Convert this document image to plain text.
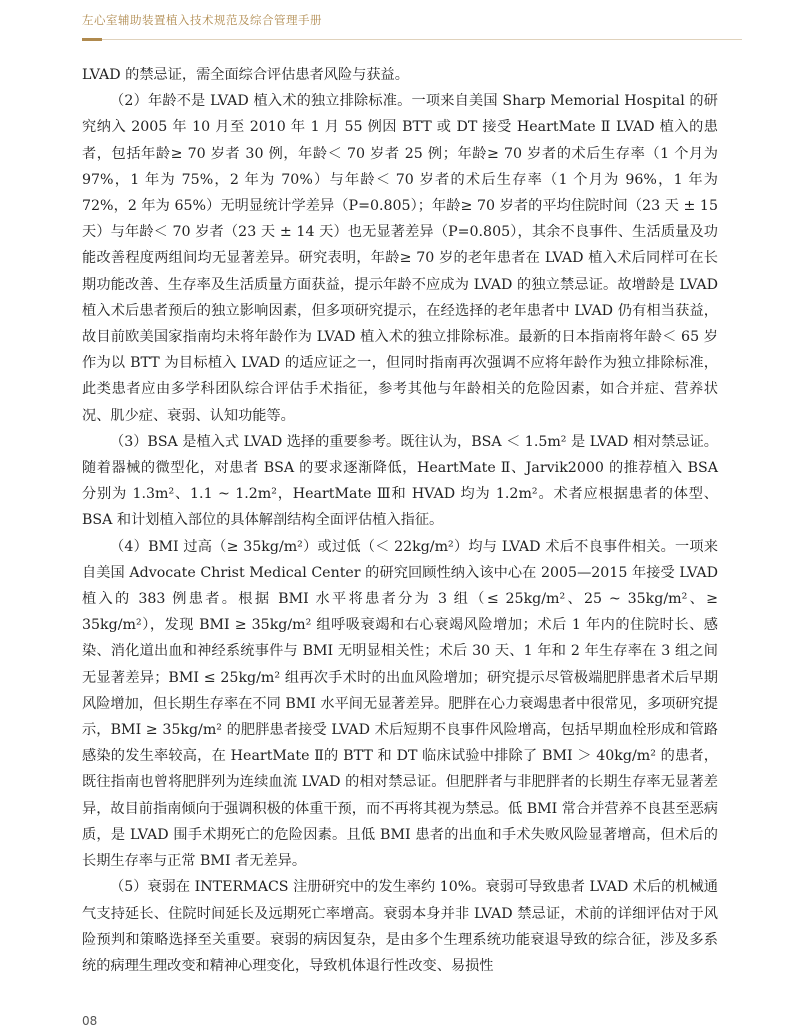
左心室辅助装置植入技术规范及综合管理手册

LVAD 的禁忌证，需全面综合评估患者风险与获益。

（2）年龄不是 LVAD 植入术的独立排除标准。一项来自美国 Sharp Memorial Hospital 的研究纳入 2005 年 10 月至 2010 年 1 月 55 例因 BTT 或 DT 接受 HeartMate Ⅱ LVAD 植入的患者，包括年龄≥ 70 岁者 30 例，年龄＜ 70 岁者 25 例；年龄≥ 70 岁者的术后生存率（1 个月为 97%，1 年为 75%，2 年为 70%）与年龄＜ 70 岁者的术后生存率（1 个月为 96%，1 年为 72%，2 年为 65%）无明显统计学差异（P=0.805）；年龄≥ 70 岁者的平均住院时间（23 天 ± 15 天）与年龄＜ 70 岁者（23 天 ± 14 天）也无显著差异（P=0.805），其余不良事件、生活质量及功能改善程度两组间均无显著差异。研究表明，年龄≥ 70 岁的老年患者在 LVAD 植入术后同样可在长期功能改善、生存率及生活质量方面获益，提示年龄不应成为 LVAD 的独立禁忌证。故增龄是 LVAD 植入术后患者预后的独立影响因素，但多项研究提示，在经选择的老年患者中 LVAD 仍有相当获益，故目前欧美国家指南均未将年龄作为 LVAD 植入术的独立排除标准。最新的日本指南将年龄＜ 65 岁作为以 BTT 为目标植入 LVAD 的适应证之一，但同时指南再次强调不应将年龄作为独立排除标准，此类患者应由多学科团队综合评估手术指征，参考其他与年龄相关的危险因素，如合并症、营养状况、肌少症、衰弱、认知功能等。

（3）BSA 是植入式 LVAD 选择的重要参考。既往认为，BSA ＜ 1.5m² 是 LVAD 相对禁忌证。随着器械的微型化，对患者 BSA 的要求逐渐降低，HeartMate Ⅱ、Jarvik2000 的推荐植入 BSA 分别为 1.3m²、1.1 ~ 1.2m²，HeartMate Ⅲ和 HVAD 均为 1.2m²。术者应根据患者的体型、BSA 和计划植入部位的具体解剖结构全面评估植入指征。

（4）BMI 过高（≥ 35kg/m²）或过低（＜ 22kg/m²）均与 LVAD 术后不良事件相关。一项来自美国 Advocate Christ Medical Center 的研究回顾性纳入该中心在 2005—2015 年接受 LVAD 植入的 383 例患者。根据 BMI 水平将患者分为 3 组（≤ 25kg/m²、25 ~ 35kg/m²、≥ 35kg/m²），发现 BMI ≥ 35kg/m² 组呼吸衰竭和右心衰竭风险增加；术后 1 年内的住院时长、感染、消化道出血和神经系统事件与 BMI 无明显相关性；术后 30 天、1 年和 2 年生存率在 3 组之间无显著差异；BMI ≤ 25kg/m² 组再次手术时的出血风险增加；研究提示尽管极端肥胖患者术后早期风险增加，但长期生存率在不同 BMI 水平间无显著差异。肥胖在心力衰竭患者中很常见，多项研究提示，BMI ≥ 35kg/m² 的肥胖患者接受 LVAD 术后短期不良事件风险增高，包括早期血栓形成和管路感染的发生率较高，在 HeartMate Ⅱ的 BTT 和 DT 临床试验中排除了 BMI ＞ 40kg/m² 的患者，既往指南也曾将肥胖列为连续血流 LVAD 的相对禁忌证。但肥胖者与非肥胖者的长期生存率无显著差异，故目前指南倾向于强调积极的体重干预，而不再将其视为禁忌。低 BMI 常合并营养不良甚至恶病质，是 LVAD 围手术期死亡的危险因素。且低 BMI 患者的出血和手术失败风险显著增高，但术后的长期生存率与正常 BMI 者无差异。

（5）衰弱在 INTERMACS 注册研究中的发生率约 10%。衰弱可导致患者 LVAD 术后的机械通气支持延长、住院时间延长及远期死亡率增高。衰弱本身并非 LVAD 禁忌证，术前的详细评估对于风险预判和策略选择至关重要。衰弱的病因复杂，是由多个生理系统功能衰退导致的综合征，涉及多系统的病理生理改变和精神心理变化，导致机体退行性改变、易损性

08
